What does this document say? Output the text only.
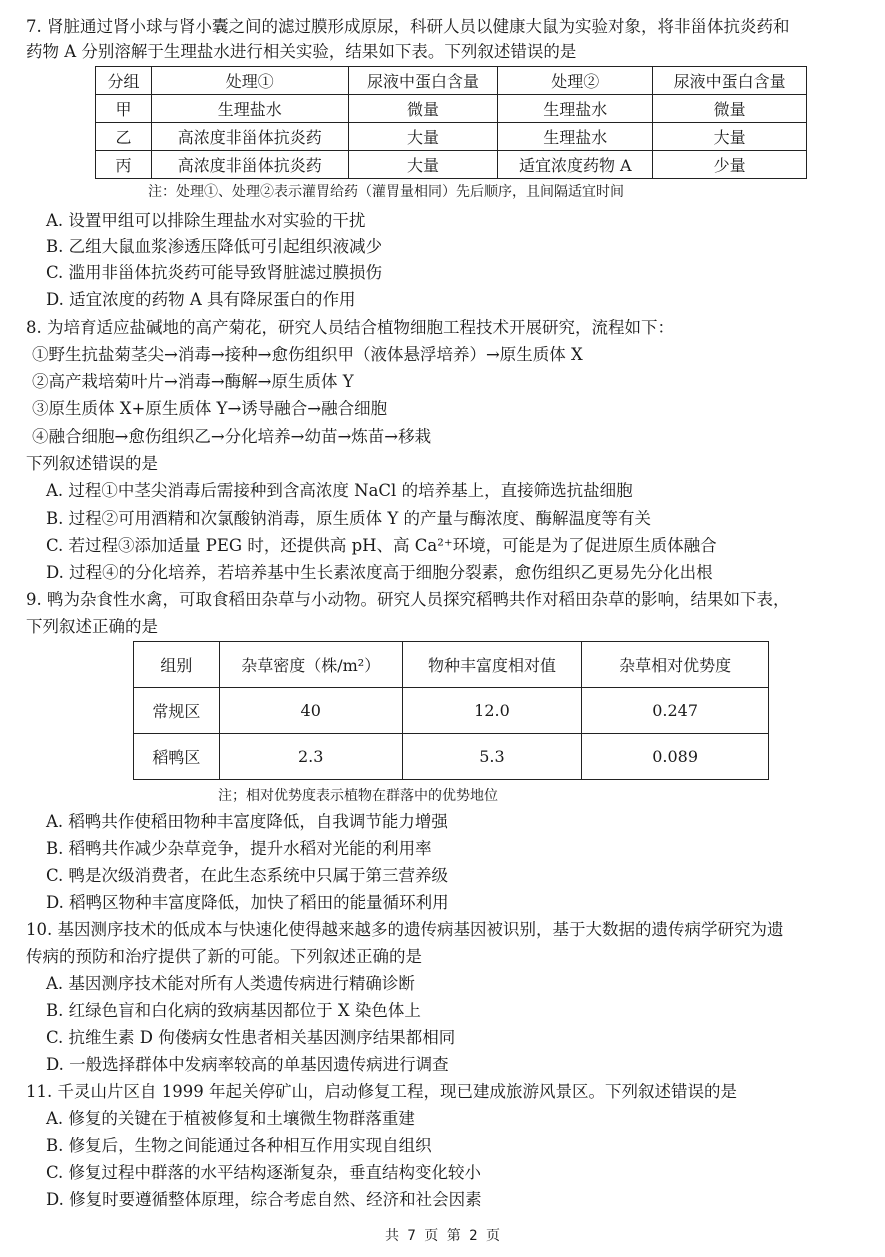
7. 肾脏通过肾小球与肾小囊之间的滤过膜形成原尿，科研人员以健康大鼠为实验对象，将非甾体抗炎药和
药物 A 分别溶解于生理盐水进行相关实验，结果如下表。下列叙述错误的是
分组	处理①	尿液中蛋白含量	处理②	尿液中蛋白含量
甲	生理盐水	微量	生理盐水	微量
乙	高浓度非甾体抗炎药	大量	生理盐水	大量
丙	高浓度非甾体抗炎药	大量	适宜浓度药物 A	少量
注：处理①、处理②表示灌胃给药（灌胃量相同）先后顺序，且间隔适宜时间
A. 设置甲组可以排除生理盐水对实验的干扰
B. 乙组大鼠血浆渗透压降低可引起组织液减少
C. 滥用非甾体抗炎药可能导致肾脏滤过膜损伤
D. 适宜浓度的药物 A 具有降尿蛋白的作用
8. 为培育适应盐碱地的高产菊花，研究人员结合植物细胞工程技术开展研究，流程如下：
①野生抗盐菊茎尖→消毒→接种→愈伤组织甲（液体悬浮培养）→原生质体 X
②高产栽培菊叶片→消毒→酶解→原生质体 Y
③原生质体 X+原生质体 Y→诱导融合→融合细胞
④融合细胞→愈伤组织乙→分化培养→幼苗→炼苗→移栽
下列叙述错误的是
A. 过程①中茎尖消毒后需接种到含高浓度 NaCl 的培养基上，直接筛选抗盐细胞
B. 过程②可用酒精和次氯酸钠消毒，原生质体 Y 的产量与酶浓度、酶解温度等有关
C. 若过程③添加适量 PEG 时，还提供高 pH、高 Ca²⁺环境，可能是为了促进原生质体融合
D. 过程④的分化培养，若培养基中生长素浓度高于细胞分裂素，愈伤组织乙更易先分化出根
9. 鸭为杂食性水禽，可取食稻田杂草与小动物。研究人员探究稻鸭共作对稻田杂草的影响，结果如下表，
下列叙述正确的是
组别	杂草密度（株/m²）	物种丰富度相对值	杂草相对优势度
常规区	40	12.0	0.247
稻鸭区	2.3	5.3	0.089
注；相对优势度表示植物在群落中的优势地位
A. 稻鸭共作使稻田物种丰富度降低，自我调节能力增强
B. 稻鸭共作减少杂草竞争，提升水稻对光能的利用率
C. 鸭是次级消费者，在此生态系统中只属于第三营养级
D. 稻鸭区物种丰富度降低，加快了稻田的能量循环利用
10. 基因测序技术的低成本与快速化使得越来越多的遗传病基因被识别，基于大数据的遗传病学研究为遗
传病的预防和治疗提供了新的可能。下列叙述正确的是
A. 基因测序技术能对所有人类遗传病进行精确诊断
B. 红绿色盲和白化病的致病基因都位于 X 染色体上
C. 抗维生素 D 佝偻病女性患者相关基因测序结果都相同
D. 一般选择群体中发病率较高的单基因遗传病进行调查
11. 千灵山片区自 1999 年起关停矿山，启动修复工程，现已建成旅游风景区。下列叙述错误的是
A. 修复的关键在于植被修复和土壤微生物群落重建
B. 修复后，生物之间能通过各种相互作用实现自组织
C. 修复过程中群落的水平结构逐渐复杂，垂直结构变化较小
D. 修复时要遵循整体原理，综合考虑自然、经济和社会因素
共 7 页 第 2 页
